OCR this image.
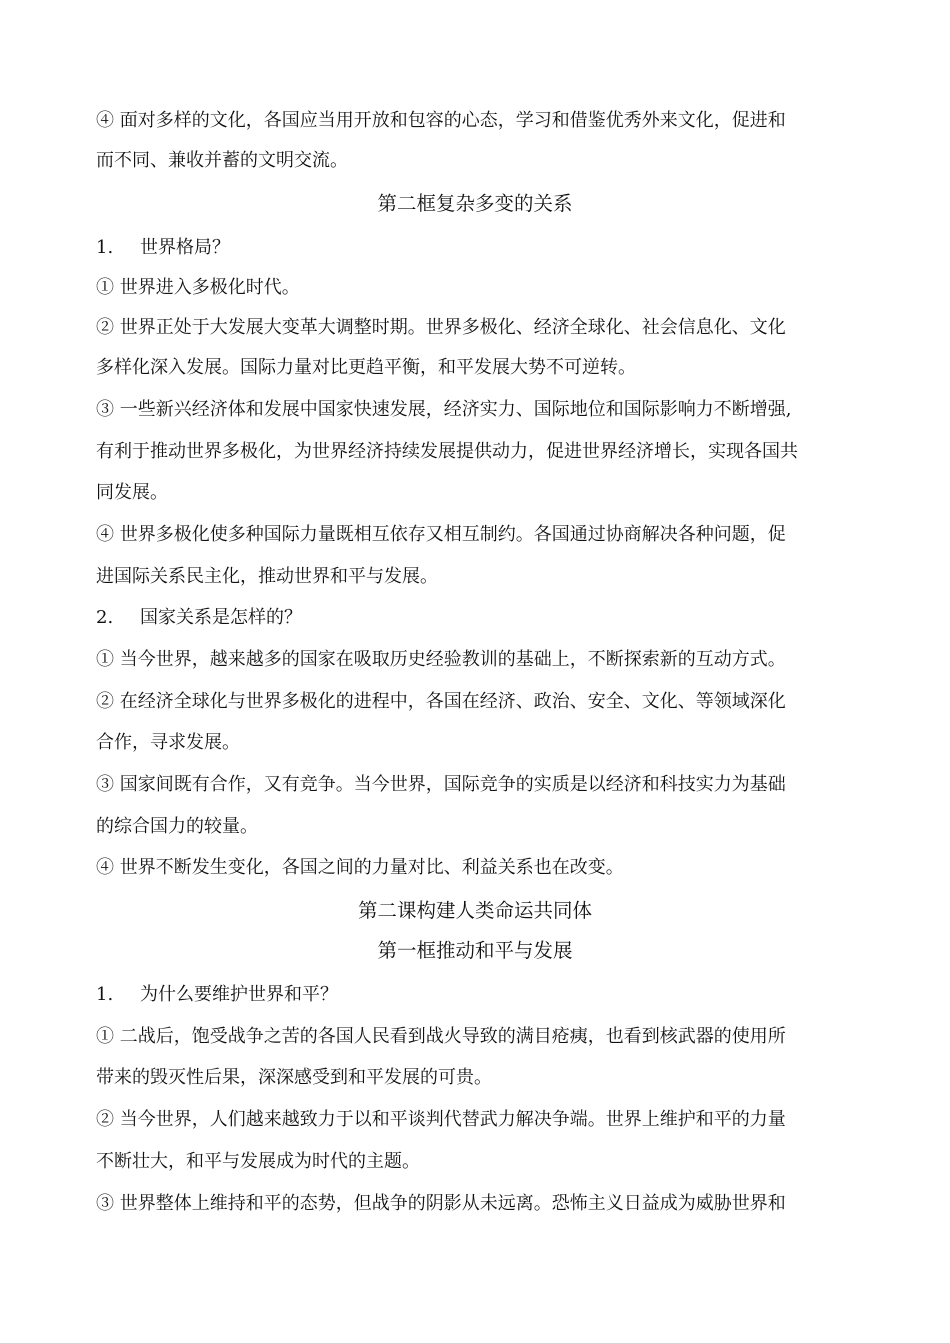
④ 面对多样的文化，各国应当用开放和包容的心态，学习和借鉴优秀外来文化，促进和
而不同、兼收并蓄的文明交流。
第二框复杂多变的关系
1. 世界格局？
① 世界进入多极化时代。
② 世界正处于大发展大变革大调整时期。世界多极化、经济全球化、社会信息化、文化
多样化深入发展。国际力量对比更趋平衡，和平发展大势不可逆转。
③ 一些新兴经济体和发展中国家快速发展，经济实力、国际地位和国际影响力不断增强,
有利于推动世界多极化，为世界经济持续发展提供动力，促进世界经济增长，实现各国共
同发展。
④ 世界多极化使多种国际力量既相互依存又相互制约。各国通过协商解决各种问题，促
进国际关系民主化，推动世界和平与发展。
2. 国家关系是怎样的？
① 当今世界，越来越多的国家在吸取历史经验教训的基础上，不断探索新的互动方式。
② 在经济全球化与世界多极化的进程中，各国在经济、政治、安全、文化、等领域深化
合作，寻求发展。
③ 国家间既有合作，又有竞争。当今世界，国际竞争的实质是以经济和科技实力为基础
的综合国力的较量。
④ 世界不断发生变化，各国之间的力量对比、利益关系也在改变。
第二课构建人类命运共同体
第一框推动和平与发展
1. 为什么要维护世界和平？
① 二战后，饱受战争之苦的各国人民看到战火导致的满目疮痍，也看到核武器的使用所
带来的毁灭性后果，深深感受到和平发展的可贵。
② 当今世界，人们越来越致力于以和平谈判代替武力解决争端。世界上维护和平的力量
不断壮大，和平与发展成为时代的主题。
③ 世界整体上维持和平的态势，但战争的阴影从未远离。恐怖主义日益成为威胁世界和
